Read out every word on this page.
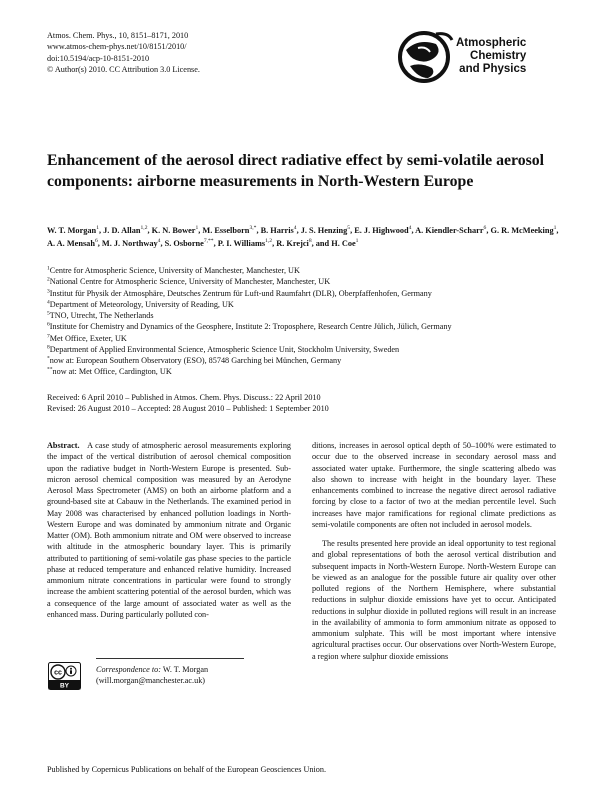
Atmos. Chem. Phys., 10, 8151–8171, 2010
www.atmos-chem-phys.net/10/8151/2010/
doi:10.5194/acp-10-8151-2010
© Author(s) 2010. CC Attribution 3.0 License.
Atmospheric
Chemistry
and Physics
Enhancement of the aerosol direct radiative effect by semi-volatile aerosol components: airborne measurements in North-Western Europe
W. T. Morgan$^1$, J. D. Allan$^{1,2}$, K. N. Bower$^1$, M. Esselborn$^{3,*}$, B. Harris$^4$, J. S. Henzing$^5$, E. J. Highwood$^4$, A. Kiendler-Scharr$^6$, G. R. McMeeking$^1$, A. A. Mensah$^6$, M. J. Northway$^4$, S. Osborne$^{7,**}$, P. I. Williams$^{1,2}$, R. Krejci$^8$, and H. Coe$^1$
$^1$Centre for Atmospheric Science, University of Manchester, Manchester, UK
$^2$National Centre for Atmospheric Science, University of Manchester, Manchester, UK
$^3$Institut für Physik der Atmosphäre, Deutsches Zentrum für Luft-und Raumfahrt (DLR), Oberpfaffenhofen, Germany
$^4$Department of Meteorology, University of Reading, UK
$^5$TNO, Utrecht, The Netherlands
$^6$Institute for Chemistry and Dynamics of the Geosphere, Institute 2: Troposphere, Research Centre Jülich, Jülich, Germany
$^7$Met Office, Exeter, UK
$^8$Department of Applied Environmental Science, Atmospheric Science Unit, Stockholm University, Sweden
*now at: European Southern Observatory (ESO), 85748 Garching bei München, Germany
**now at: Met Office, Cardington, UK
Received: 6 April 2010 – Published in Atmos. Chem. Phys. Discuss.: 22 April 2010
Revised: 26 August 2010 – Accepted: 28 August 2010 – Published: 1 September 2010

Abstract. A case study of atmospheric aerosol measurements exploring the impact of the vertical distribution of aerosol chemical composition upon the radiative budget in North-Western Europe is presented. Sub-micron aerosol chemical composition was measured by an Aerodyne Aerosol Mass Spectrometer (AMS) on both an airborne platform and a ground-based site at Cabauw in the Netherlands. The examined period in May 2008 was characterised by enhanced pollution loadings in North-Western Europe and was dominated by ammonium nitrate and Organic Matter (OM). Both ammonium nitrate and OM were observed to increase with altitude in the atmospheric boundary layer. This is primarily attributed to partitioning of semi-volatile gas phase species to the particle phase at reduced temperature and enhanced relative humidity. Increased ammonium nitrate concentrations in particular were found to strongly increase the ambient scattering potential of the aerosol burden, which was a consequence of the large amount of associated water as well as the enhanced mass. During particularly polluted con-

ditions, increases in aerosol optical depth of 50–100% were estimated to occur due to the observed increase in secondary aerosol mass and associated water uptake. Furthermore, the single scattering albedo was also shown to increase with height in the boundary layer. These enhancements combined to increase the negative direct aerosol radiative forcing by close to a factor of two at the median percentile level. Such increases have major ramifications for regional climate predictions as semi-volatile components are often not included in aerosol models.

The results presented here provide an ideal opportunity to test regional and global representations of both the aerosol vertical distribution and subsequent impacts in North-Western Europe. North-Western Europe can be viewed as an analogue for the possible future air quality over other polluted regions of the Northern Hemisphere, where substantial reductions in sulphur dioxide emissions have yet to occur. Anticipated reductions in sulphur dioxide in polluted regions will result in an increase in the availability of ammonia to form ammonium nitrate as opposed to ammonium sulphate. This will be most important where intensive agricultural practises occur. Our observations over North-Western Europe, a region where sulphur dioxide emissions

cc
BY
Correspondence to: W. T. Morgan
(will.morgan@manchester.ac.uk)
Published by Copernicus Publications on behalf of the European Geosciences Union.
